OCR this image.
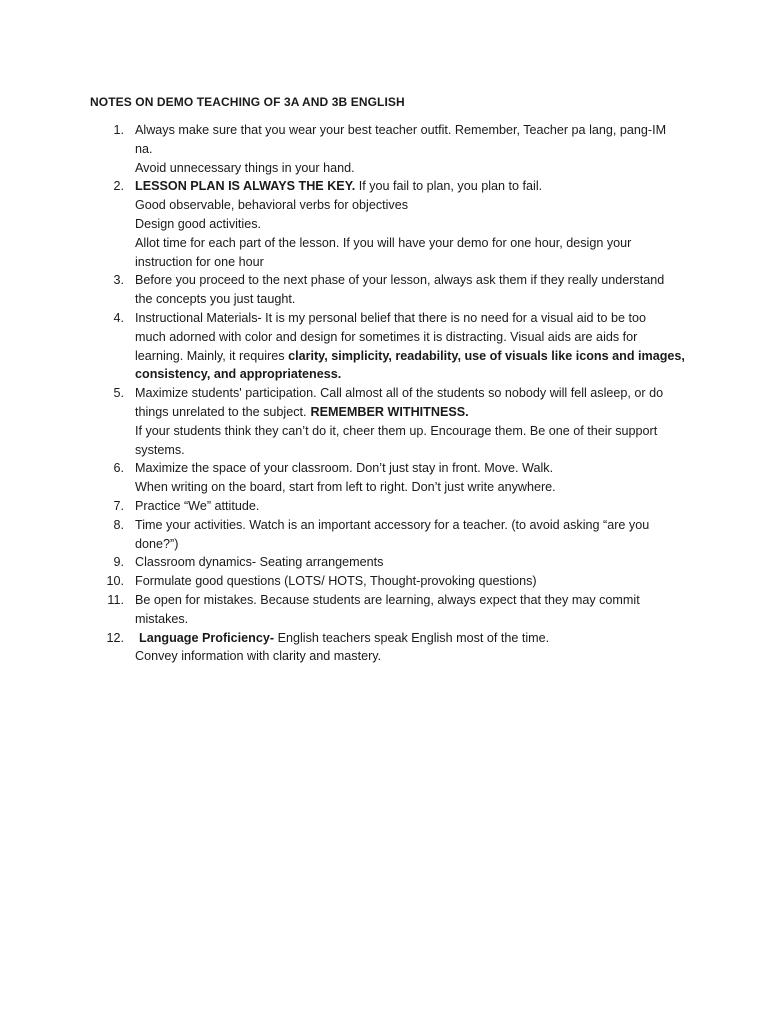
NOTES ON DEMO TEACHING OF 3A AND 3B ENGLISH
1. Always make sure that you wear your best teacher outfit. Remember, Teacher pa lang, pang-IM
na.
Avoid unnecessary things in your hand.
2. LESSON PLAN IS ALWAYS THE KEY. If you fail to plan, you plan to fail.
Good observable, behavioral verbs for objectives
Design good activities.
Allot time for each part of the lesson. If you will have your demo for one hour, design your
instruction for one hour
3. Before you proceed to the next phase of your lesson, always ask them if they really understand
the concepts you just taught.
4. Instructional Materials- It is my personal belief that there is no need for a visual aid to be too
much adorned with color and design for sometimes it is distracting. Visual aids are aids for
learning. Mainly, it requires clarity, simplicity, readability, use of visuals like icons and images,
consistency, and appropriateness.
5. Maximize students' participation. Call almost all of the students so nobody will fell asleep, or do
things unrelated to the subject. REMEMBER WITHITNESS.
If your students think they can’t do it, cheer them up. Encourage them. Be one of their support
systems.
6. Maximize the space of your classroom. Don’t just stay in front. Move. Walk.
When writing on the board, start from left to right. Don’t just write anywhere.
7. Practice “We” attitude.
8. Time your activities. Watch is an important accessory for a teacher. (to avoid asking “are you
done?”)
9. Classroom dynamics- Seating arrangements
10. Formulate good questions (LOTS/ HOTS, Thought-provoking questions)
11. Be open for mistakes. Because students are learning, always expect that they may commit
mistakes.
12.	Language Proficiency- English teachers speak English most of the time.
Convey information with clarity and mastery.
